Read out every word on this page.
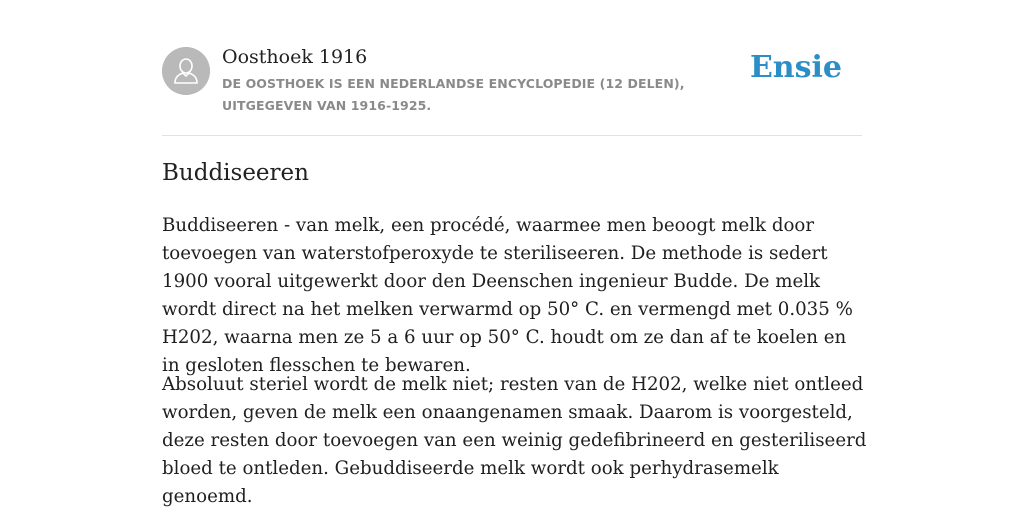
Oosthoek 1916
DE OOSTHOEK IS EEN NEDERLANDSE ENCYCLOPEDIE (12 DELEN), UITGEGEVEN VAN 1916-1925.
Ensie
Buddiseeren

Buddiseeren - van melk, een procédé, waarmee men beoogt melk door toevoegen van waterstofperoxyde te steriliseeren. De methode is sedert 1900 vooral uitgewerkt door den Deenschen ingenieur Budde. De melk wordt direct na het melken verwarmd op 50° C. en vermengd met 0.035 % H202, waarna men ze 5 a 6 uur op 50° C. houdt om ze dan af te koelen en in gesloten flesschen te bewaren.

Absoluut steriel wordt de melk niet; resten van de H202, welke niet ontleed worden, geven de melk een onaangenamen smaak. Daarom is voorgesteld, deze resten door toevoegen van een weinig gedefibrineerd en gesteriliseerd bloed te ontleden. Gebuddiseerde melk wordt ook perhydrasemelk genoemd.
